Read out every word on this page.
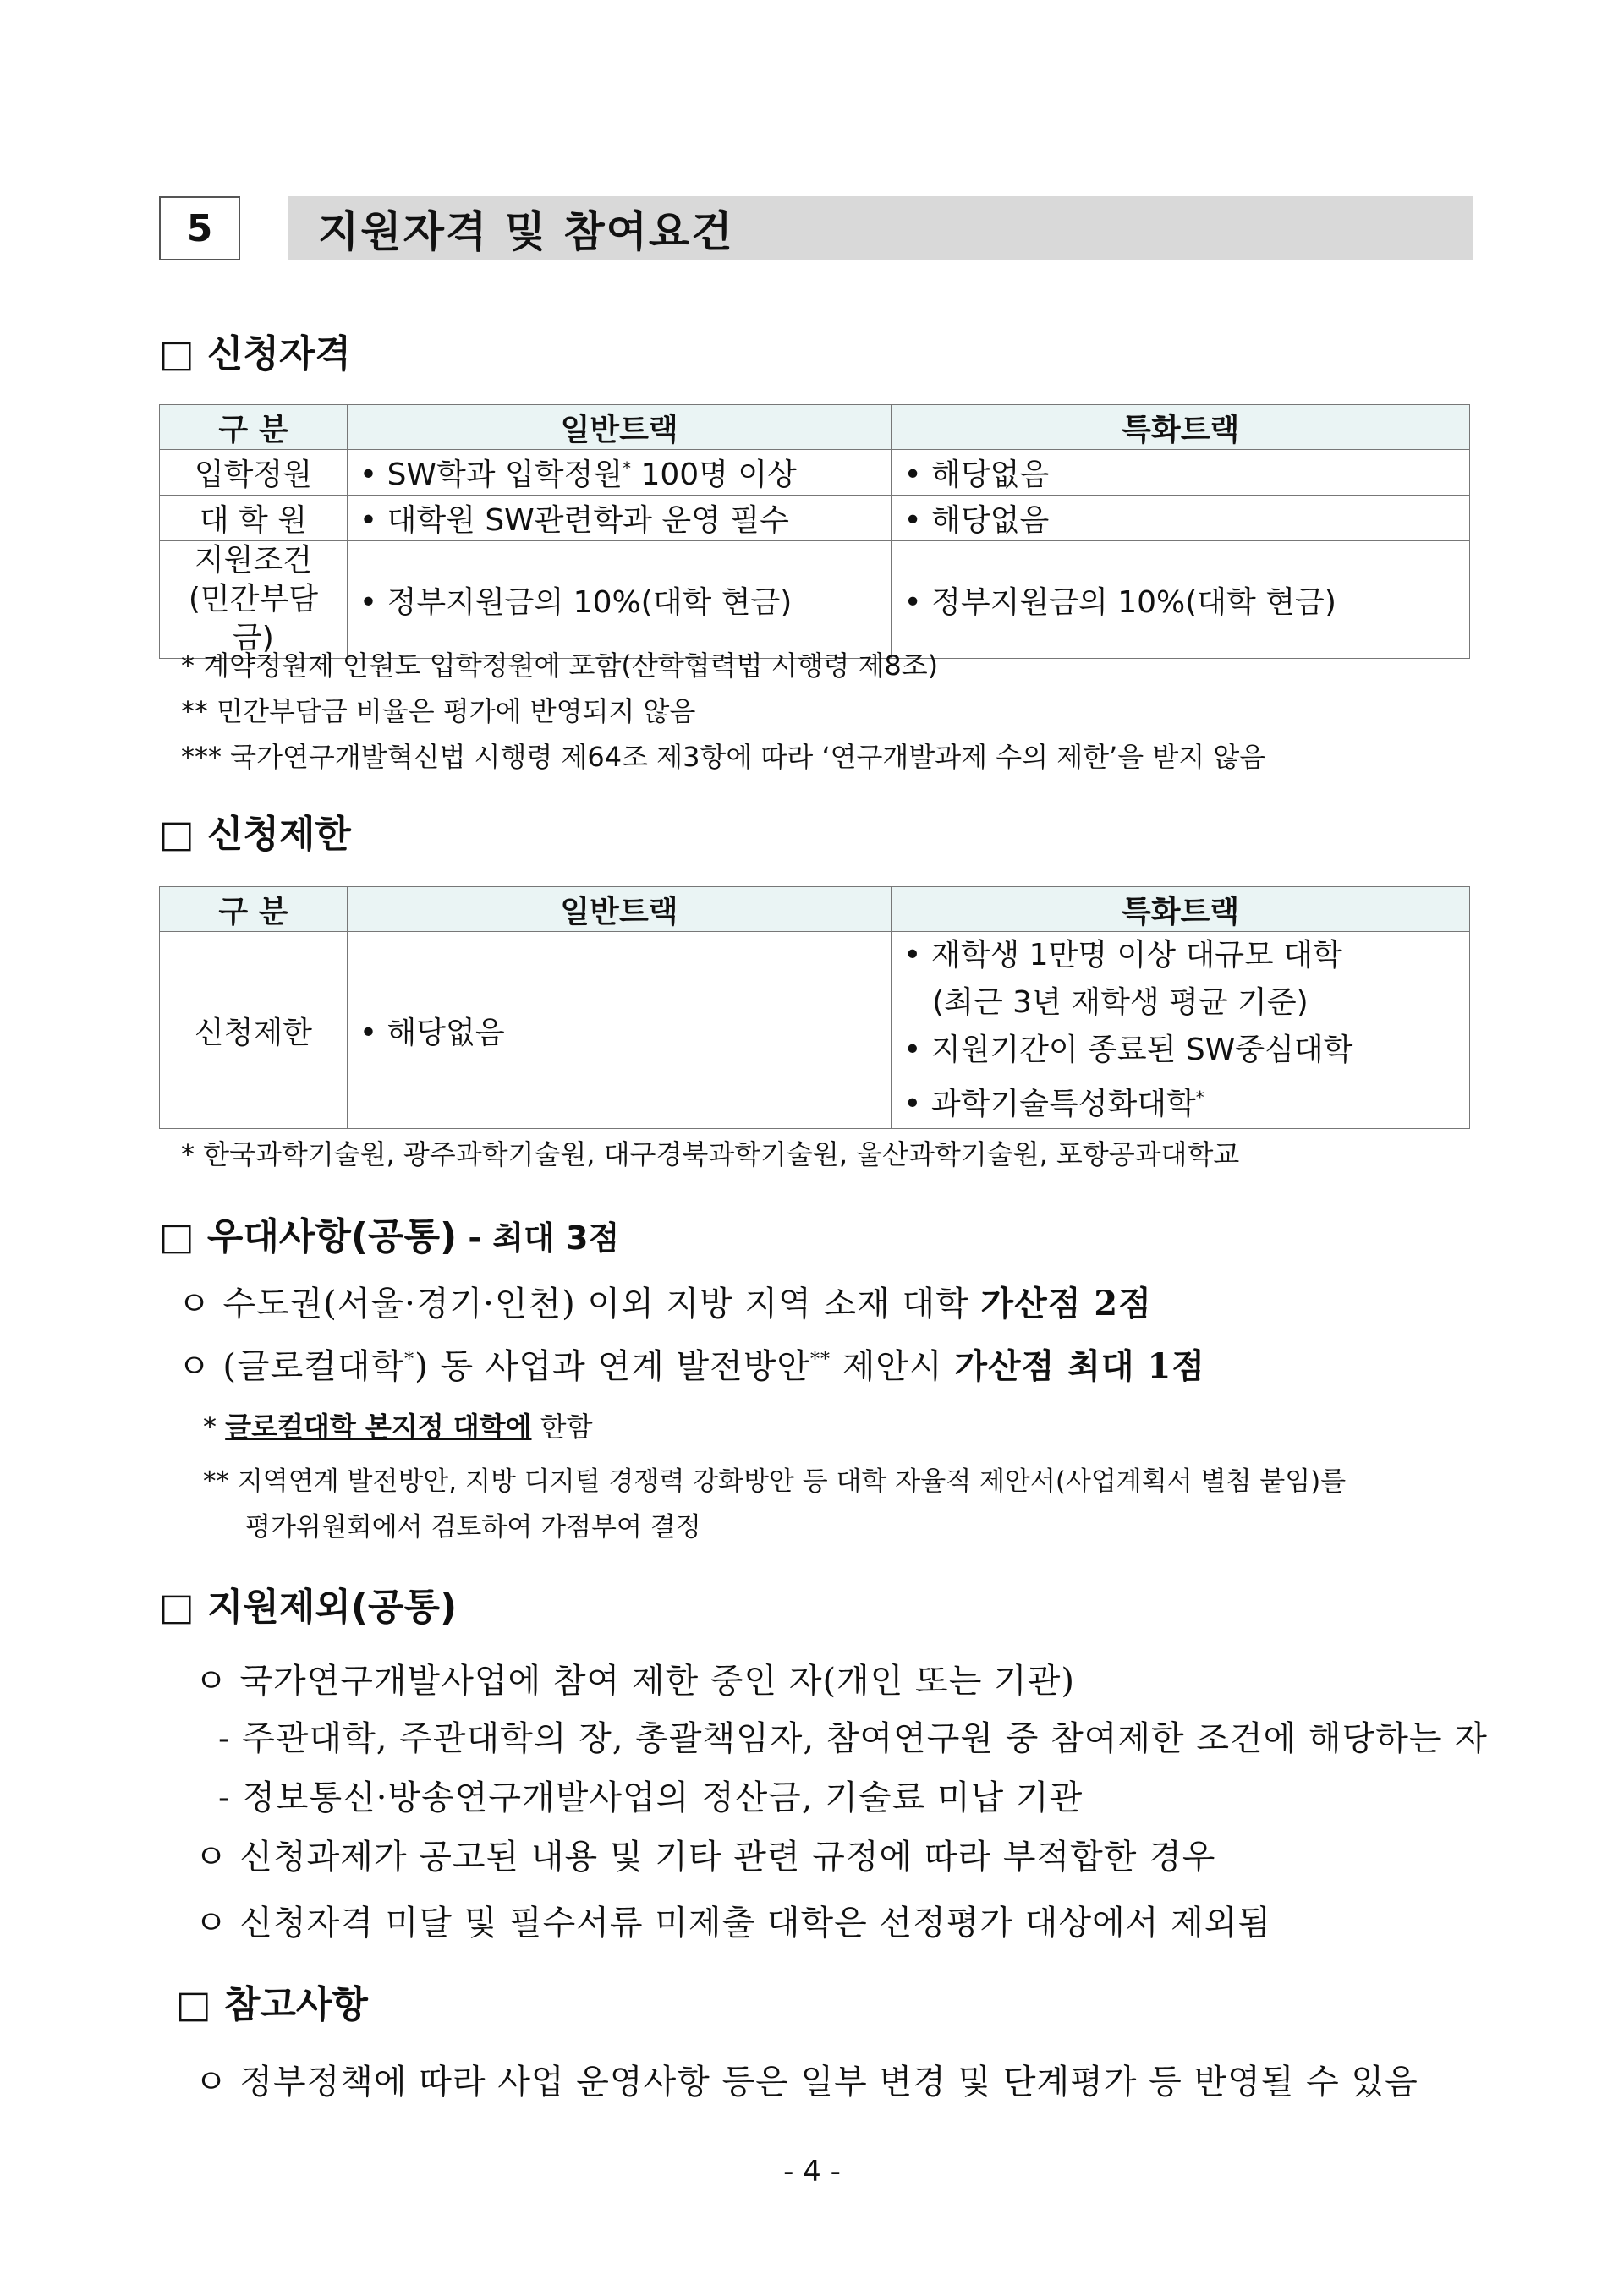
5	지원자격 및 참여요건
□ 신청자격
구 분	일반트랙	특화트랙
입학정원	• SW학과 입학정원* 100명 이상	• 해당없음
대 학 원	• 대학원 SW관련학과 운영 필수	• 해당없음

지원조건
(민간부담금)	• 정부지원금의 10%(대학 현금)	• 정부지원금의 10%(대학 현금)
* 계약정원제 인원도 입학정원에 포함(산학협력법 시행령 제8조)
** 민간부담금 비율은 평가에 반영되지 않음
*** 국가연구개발혁신법 시행령 제64조 제3항에 따라 ‘연구개발과제 수의 제한’을 받지 않음
□ 신청제한
구 분	일반트랙	특화트랙
신청제한	• 해당없음	• 재학생 1만명 이상 대규모 대학
(최근 3년 재학생 평균 기준)
• 지원기간이 종료된 SW중심대학
• 과학기술특성화대학*
* 한국과학기술원, 광주과학기술원, 대구경북과학기술원, 울산과학기술원, 포항공과대학교
□ 우대사항(공통) - 최대 3점
ㅇ 수도권(서울·경기·인천) 이외 지방 지역 소재 대학 가산점 2점
ㅇ (글로컬대학*) 동 사업과 연계 발전방안** 제안시 가산점 최대 1점
* 글로컬대학 본지정 대학에 한함
** 지역연계 발전방안, 지방 디지털 경쟁력 강화방안 등 대학 자율적 제안서(사업계획서 별첨 붙임)를
평가위원회에서 검토하여 가점부여 결정
□ 지원제외(공통)
ㅇ 국가연구개발사업에 참여 제한 중인 자(개인 또는 기관)
- 주관대학, 주관대학의 장, 총괄책임자, 참여연구원 중 참여제한 조건에 해당하는 자
- 정보통신·방송연구개발사업의 정산금, 기술료 미납 기관
ㅇ 신청과제가 공고된 내용 및 기타 관련 규정에 따라 부적합한 경우
ㅇ 신청자격 미달 및 필수서류 미제출 대학은 선정평가 대상에서 제외됨
□ 참고사항
ㅇ 정부정책에 따라 사업 운영사항 등은 일부 변경 및 단계평가 등 반영될 수 있음
- 4 -
